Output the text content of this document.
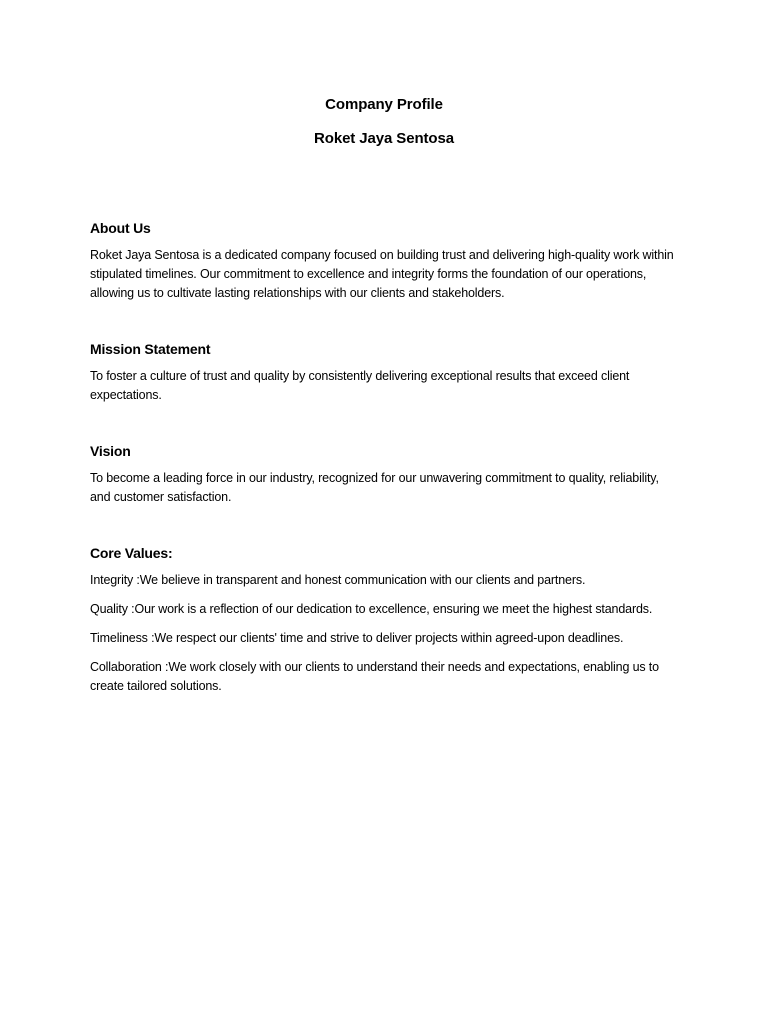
Company Profile
Roket Jaya Sentosa
About Us

Roket Jaya Sentosa is a dedicated company focused on building trust and delivering high-quality work within stipulated timelines. Our commitment to excellence and integrity forms the foundation of our operations, allowing us to cultivate lasting relationships with our clients and stakeholders.

Mission Statement

To foster a culture of trust and quality by consistently delivering exceptional results that exceed client expectations.

Vision

To become a leading force in our industry, recognized for our unwavering commitment to quality, reliability, and customer satisfaction.

Core Values:
Integrity :We believe in transparent and honest communication with our clients and partners.
Quality :Our work is a reflection of our dedication to excellence, ensuring we meet the highest standards.
Timeliness :We respect our clients' time and strive to deliver projects within agreed-upon deadlines.
Collaboration :We work closely with our clients to understand their needs and expectations, enabling us to create tailored solutions.
